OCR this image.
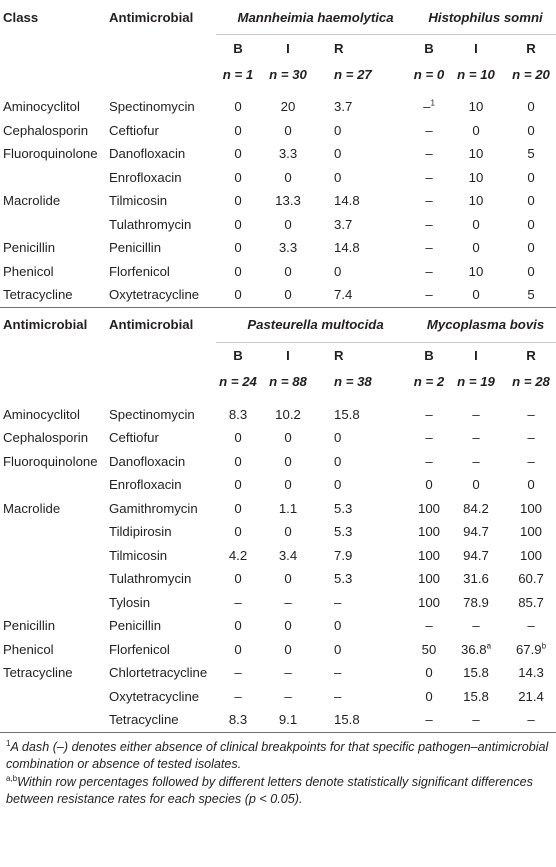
Class	Antimicrobial	Mannheimia haemolytica			Histophilus somni		
		B	I	R	B	I	R
		n = 1	n = 30	n = 27	n = 0	n = 10	n = 20

Aminocyclitol	Spectinomycin	0	20	3.7	–$^1$	10	0
Cephalosporin	Ceftiofur	0	0	0	–	0	0
Fluoroquinolone	Danofloxacin	0	3.3	0	–	10	5
	Enrofloxacin	0	0	0	–	10	0
Macrolide	Tilmicosin	0	13.3	14.8	–	10	0
	Tulathromycin	0	0	3.7	–	0	0
Penicillin	Penicillin	0	3.3	14.8	–	0	0
Phenicol	Florfenicol	0	0	0	–	10	0
Tetracycline	Oxytetracycline	0	0	7.4	–	0	5
Antimicrobial	Antimicrobial	Pasteurella multocida			Mycoplasma bovis		
		B	I	R	B	I	R
		n = 24	n = 88	n = 38	n = 2	n = 19	n = 28

Aminocyclitol	Spectinomycin	8.3	10.2	15.8	–	–	–
Cephalosporin	Ceftiofur	0	0	0	–	–	–
Fluoroquinolone	Danofloxacin	0	0	0	–	–	–
	Enrofloxacin	0	0	0	0	0	0
Macrolide	Gamithromycin	0	1.1	5.3	100	84.2	100
	Tildipirosin	0	0	5.3	100	94.7	100
	Tilmicosin	4.2	3.4	7.9	100	94.7	100
	Tulathromycin	0	0	5.3	100	31.6	60.7
	Tylosin	–	–	–	100	78.9	85.7
Penicillin	Penicillin	0	0	0	–	–	–
Phenicol	Florfenicol	0	0	0	50	36.8$^a$	67.9$^b$
Tetracycline	Chlortetracycline	–	–	–	0	15.8	14.3
	Oxytetracycline	–	–	–	0	15.8	21.4
	Tetracycline	8.3	9.1	15.8	–	–	–

$^1$A dash (–) denotes either absence of clinical breakpoints for that specific pathogen–antimicrobial combination or absence of tested isolates.

$^{a,b}$Within row percentages followed by different letters denote statistically significant differences between resistance rates for each species (p < 0.05).
